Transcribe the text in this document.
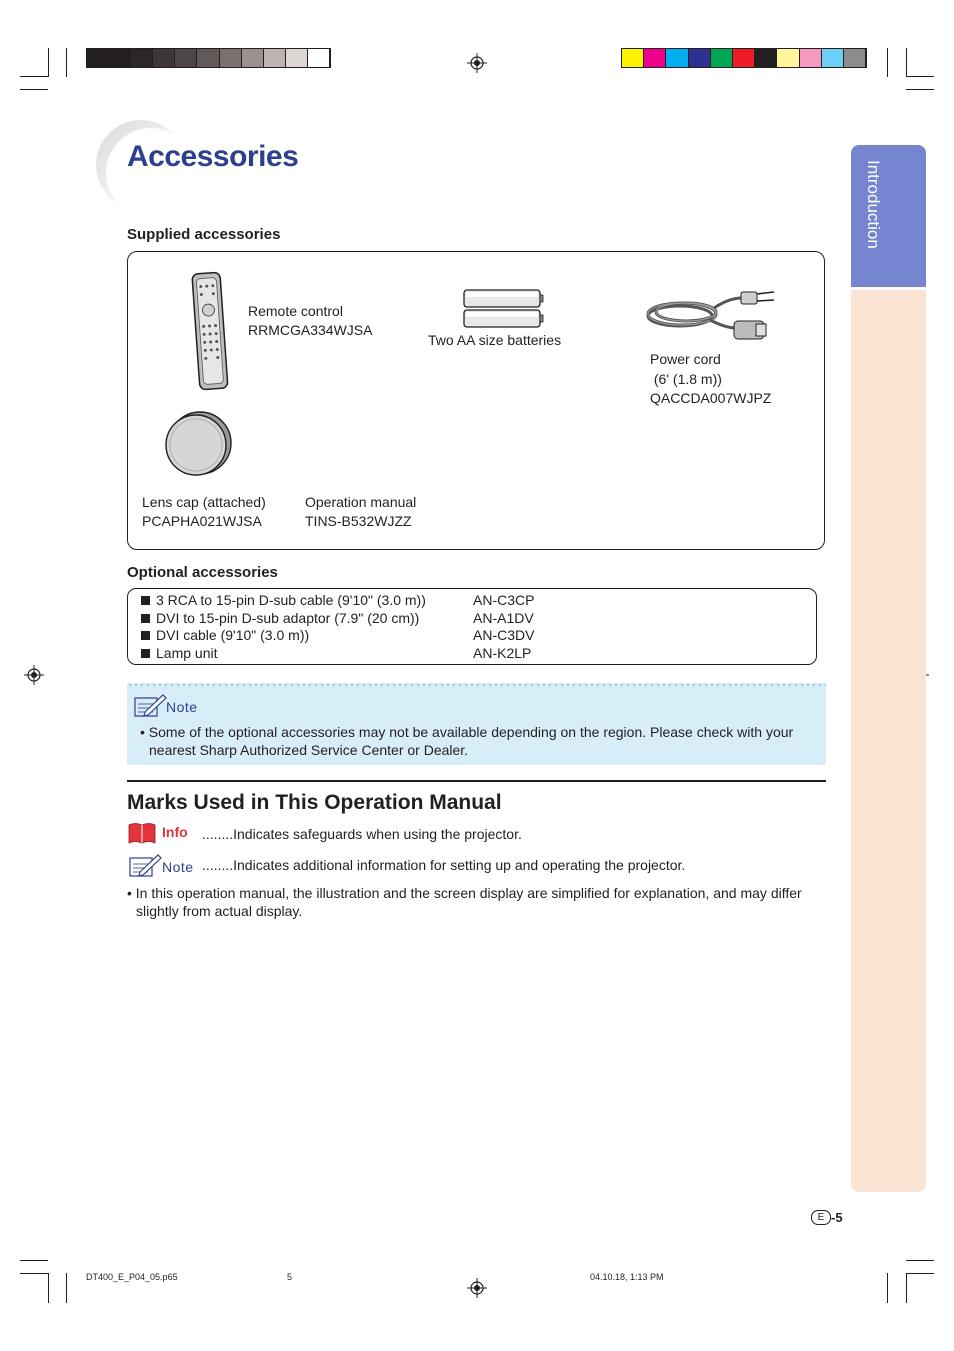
Introduction
Accessories
Supplied accessories
Remote control
RRMCGA334WJSA
Two AA size batteries
Power cord
(6' (1.8 m))
QACCDA007WJPZ
Lens cap (attached)
PCAPHA021WJSA
Operation manual
TINS-B532WJZZ
Optional accessories
3 RCA to 15-pin D-sub cable (9'10" (3.0 m))	AN-C3CP
DVI to 15-pin D-sub adaptor (7.9" (20 cm))	AN-A1DV
DVI cable (9'10" (3.0 m))	AN-C3DV
Lamp unit	AN-K2LP
Note
• Some of the optional accessories may not be available depending on the region. Please check with your
nearest Sharp Authorized Service Center or Dealer.
Marks Used in This Operation Manual
Info ........Indicates safeguards when using the projector.
Note ........Indicates additional information for setting up and operating the projector.
• In this operation manual, the illustration and the screen display are simplified for explanation, and may differ
slightly from actual display.
E -5
DT400_E_P04_05.p65	5	04.10.18, 1:13 PM
